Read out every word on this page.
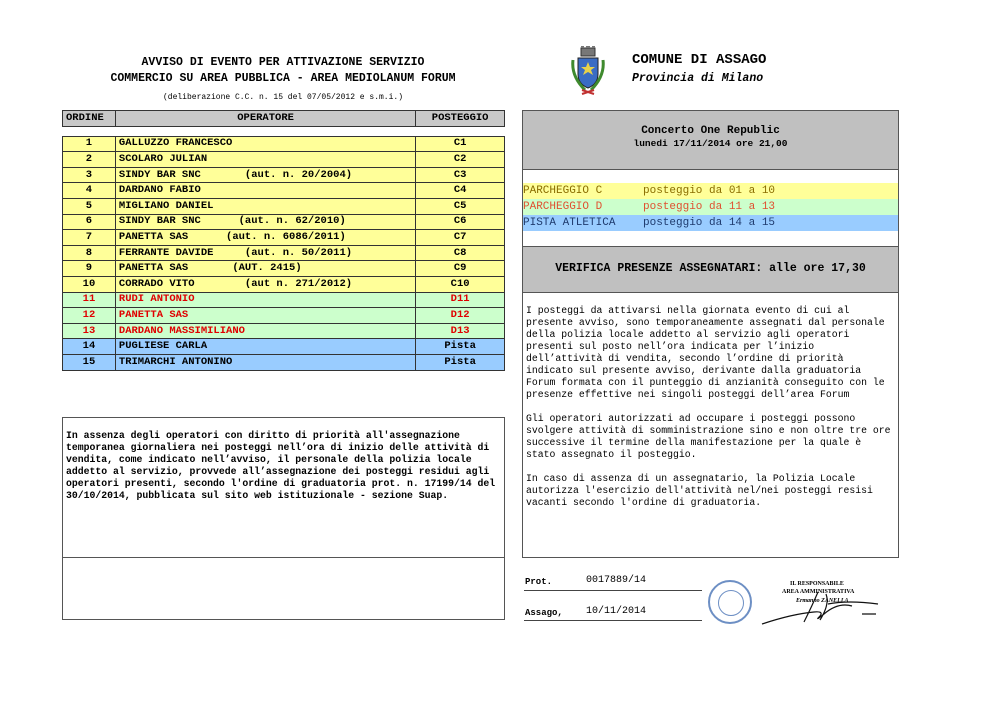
AVVISO DI EVENTO PER ATTIVAZIONE SERVIZIO
COMMERCIO SU AREA PUBBLICA - AREA MEDIOLANUM FORUM
(deliberazione C.C. n. 15 del 07/05/2012 e s.m.i.)
COMUNE DI ASSAGO
Provincia di Milano
ORDINE	OPERATORE	POSTEGGIO

1	GALLUZZO FRANCESCO	C1
2	SCOLARO JULIAN	C2
3	SINDY BAR SNC       (aut. n. 20/2004)	C3
4	DARDANO FABIO	C4
5	MIGLIANO DANIEL	C5
6	SINDY BAR SNC      (aut. n. 62/2010)	C6
7	PANETTA SAS      (aut. n. 6086/2011)	C7
8	FERRANTE DAVIDE     (aut. n. 50/2011)	C8
9	PANETTA SAS       (AUT. 2415)	C9
10	CORRADO VITO        (aut n. 271/2012)	C10
11	RUDI ANTONIO	D11
12	PANETTA SAS	D12
13	DARDANO MASSIMILIANO	D13
14	PUGLIESE CARLA	Pista
15	TRIMARCHI ANTONINO	Pista
In assenza degli operatori con diritto di priorità all'assegnazione temporanea giornaliera nei posteggi nell’ora di inizio delle attività di vendita, come indicato nell’avviso, il personale della polizia locale addetto al servizio, provvede all’assegnazione dei posteggi residui agli operatori presenti, secondo l'ordine di graduatoria prot. n. 17199/14 del 30/10/2014, pubblicata sul sito web istituzionale - sezione Suap.
Concerto One Republic
lunedi 17/11/2014 ore 21,00
PARCHEGGIO C	posteggio da 01 a 10
PARCHEGGIO D	posteggio da 11 a 13
PISTA ATLETICA	posteggio da 14 a 15
VERIFICA PRESENZE ASSEGNATARI: alle ore 17,30

I posteggi da attivarsi nella giornata evento di cui al presente avviso, sono temporaneamente assegnati dal personale della polizia locale addetto al servizio agli operatori presenti sul posto nell’ora indicata per l’inizio dell’attività di vendita, secondo l’ordine di priorità indicato sul presente avviso, derivante dalla graduatoria Forum formata con il punteggio di anzianità conseguito con le presenze effettive nei singoli posteggi dell’area Forum

Gli operatori autorizzati ad occupare i posteggi possono svolgere attività di somministrazione sino e non oltre tre ore successive il termine della manifestazione per la quale è stato assegnato il posteggio.

In caso di assenza di un assegnatario, la Polizia Locale autorizza l'esercizio dell'attività nel/nei posteggi resisi vacanti secondo l'ordine di graduatoria.

Prot.	0017889/14
Assago, 10/11/2014
IL RESPONSABILE
AREA AMMINISTRATIVA
Ermanno ZANELLA
